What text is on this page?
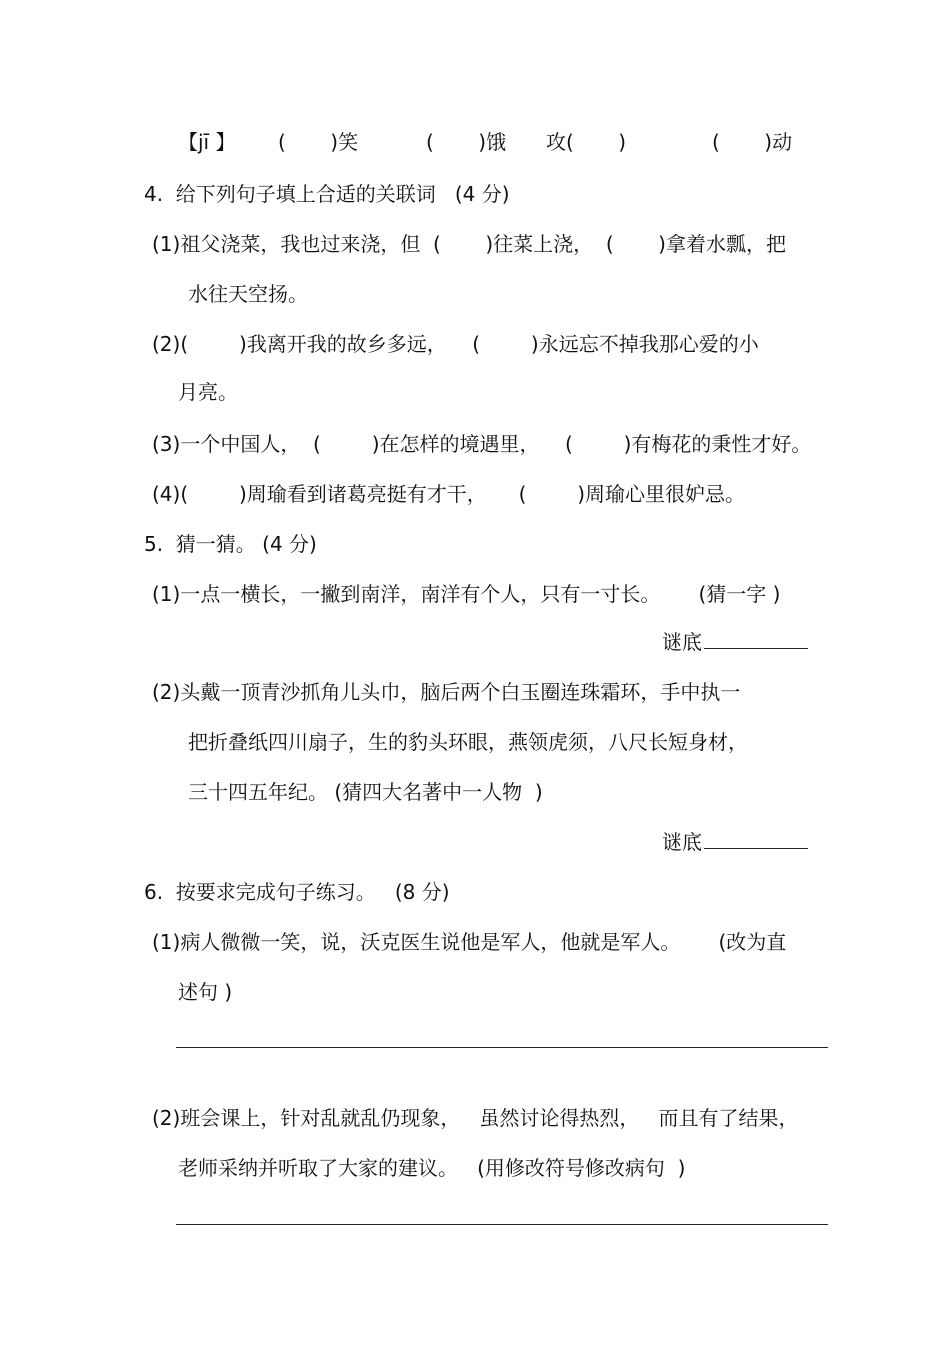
【jī 】 (       )笑	(       )饿 攻(       )	(       )动
4.  给下列句子填上合适的关联词   (4 分)
(1)祖父浇菜，我也过来浇，但  (       )往菜上浇，  (       )拿着水瓢，把
水往天空扬。
(2)(        )我离开我的故乡多远，    (        )永远忘不掉我那心爱的小
月亮。
(3)一个中国人，  (        )在怎样的境遇里，    (        )有梅花的秉性才好。
(4)(        )周瑜看到诸葛亮挺有才干，     (        )周瑜心里很妒忌。
5.  猜一猜。 (4 分)
(1)一点一横长，一撇到南洋，南洋有个人，只有一寸长。      (猜一字 )
谜底
(2)头戴一顶青沙抓角儿头巾，脑后两个白玉圈连珠霜环，手中执一
把折叠纸四川扇子，生的豹头环眼，燕领虎须，八尺长短身材，
三十四五年纪。 (猜四大名著中一人物  )
谜底
6.  按要求完成句子练习。   (8 分)
(1)病人微微一笑，说，沃克医生说他是军人，他就是军人。      (改为直
述句 )
(2)班会课上，针对乱就乱仍现象，   虽然讨论得热烈，   而且有了结果，
老师采纳并听取了大家的建议。   (用修改符号修改病句  )
